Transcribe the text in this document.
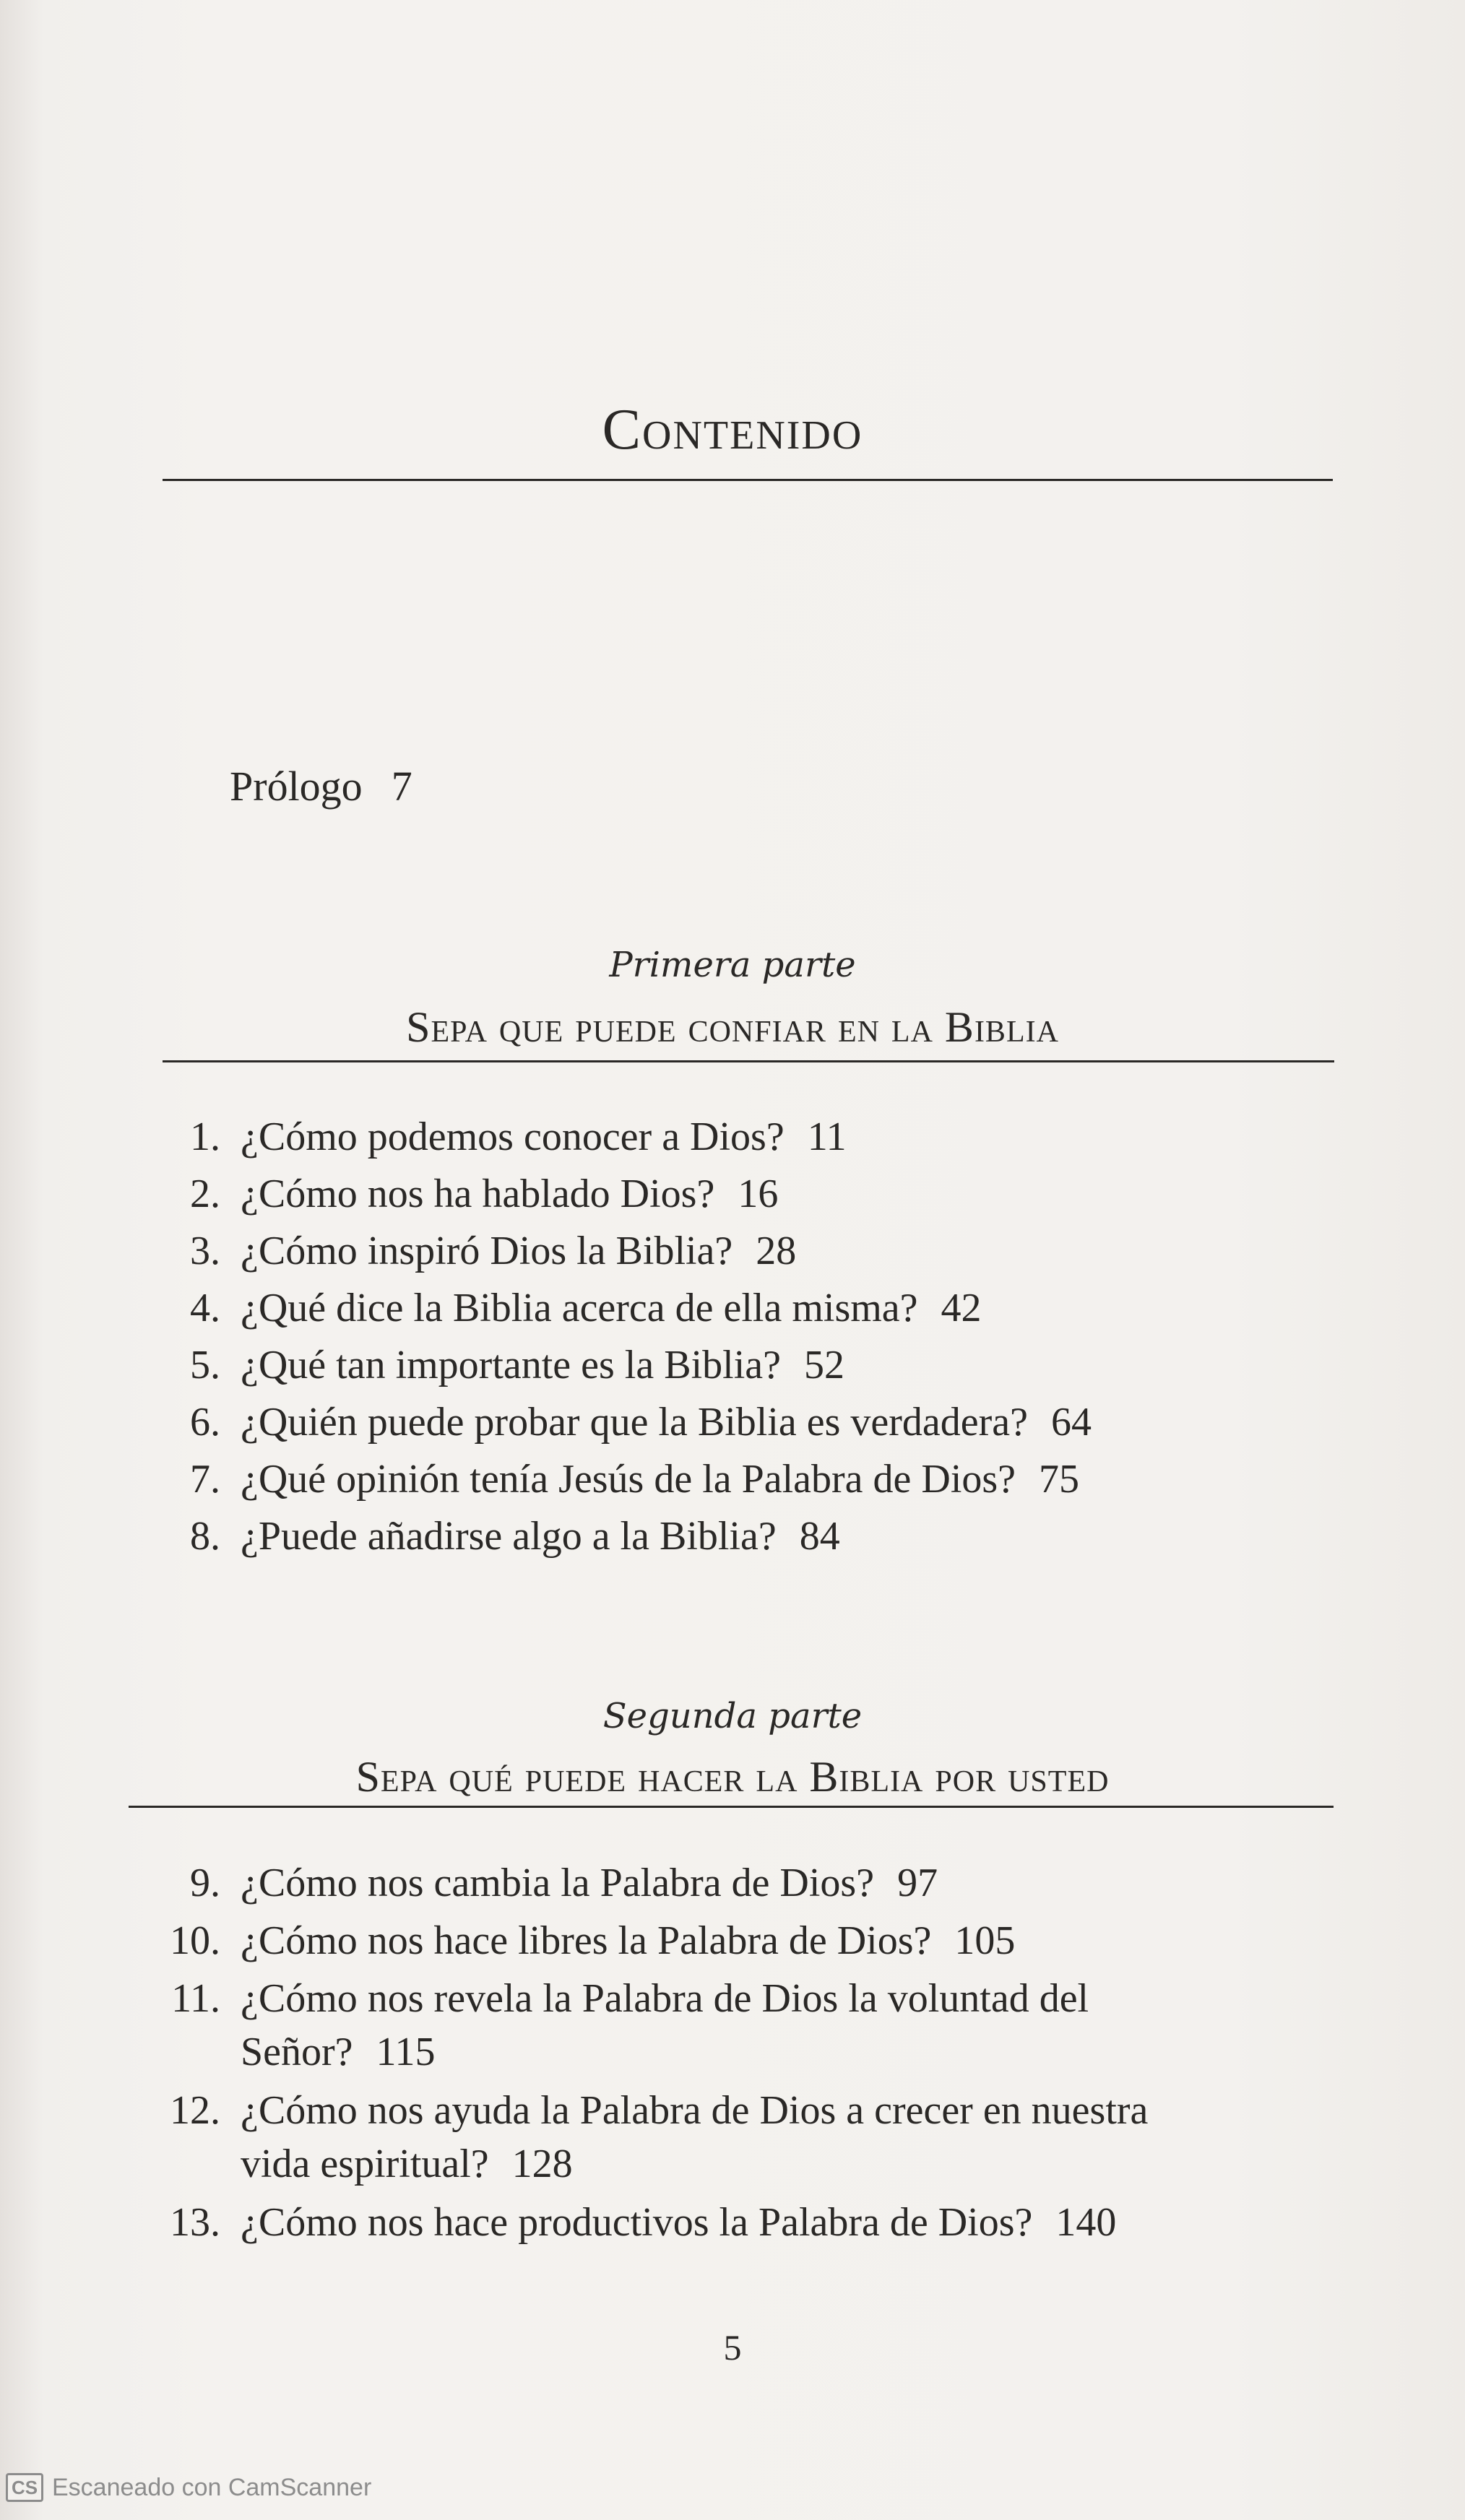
Contenido
Prólogo 7
Primera parte
Sepa que puede confiar en la Biblia
1. ¿Cómo podemos conocer a Dios? 11
2. ¿Cómo nos ha hablado Dios? 16
3. ¿Cómo inspiró Dios la Biblia? 28
4. ¿Qué dice la Biblia acerca de ella misma? 42
5. ¿Qué tan importante es la Biblia? 52
6. ¿Quién puede probar que la Biblia es verdadera? 64
7. ¿Qué opinión tenía Jesús de la Palabra de Dios? 75
8. ¿Puede añadirse algo a la Biblia? 84
Segunda parte
Sepa qué puede hacer la Biblia por usted
9. ¿Cómo nos cambia la Palabra de Dios? 97
10. ¿Cómo nos hace libres la Palabra de Dios? 105
11. ¿Cómo nos revela la Palabra de Dios la voluntad del Señor? 115
12. ¿Cómo nos ayuda la Palabra de Dios a crecer en nuestra vida espiritual? 128
13. ¿Cómo nos hace productivos la Palabra de Dios? 140
5
CS Escaneado con CamScanner
